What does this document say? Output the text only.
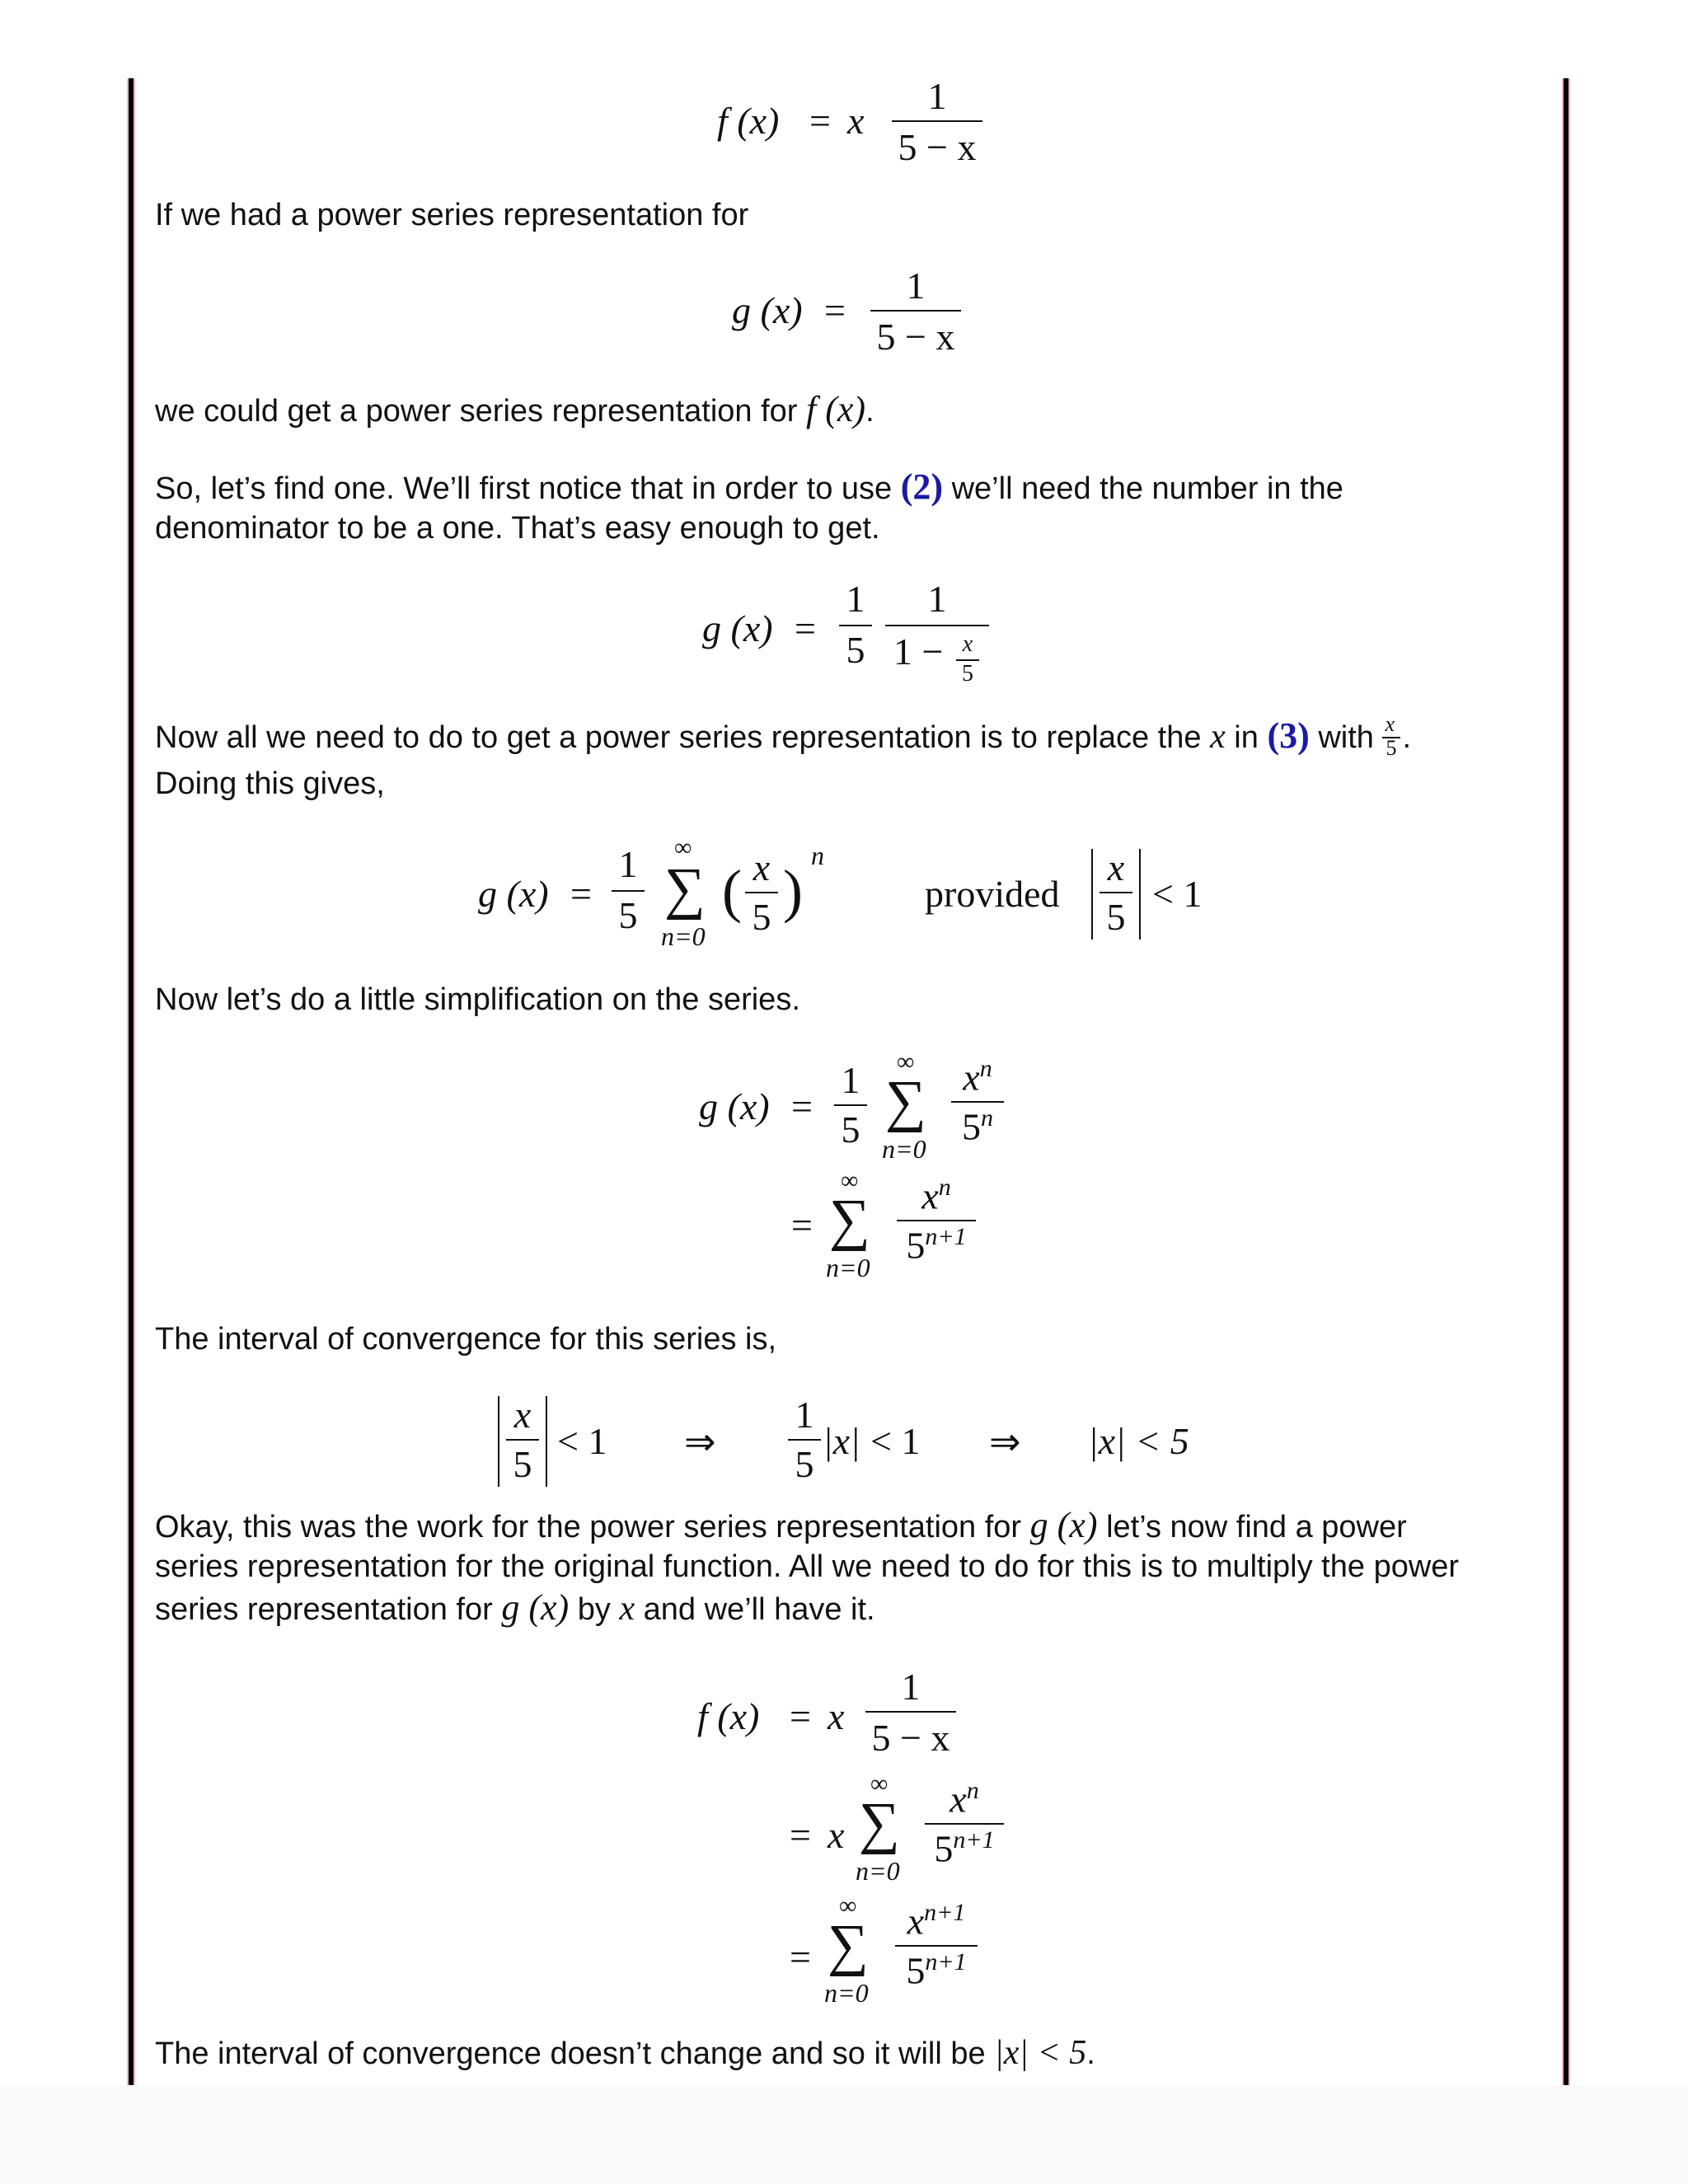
f (x) = x
1
5 − x
If we had a power series representation for
g (x) =
1
5 − x
we could get a power series representation for f (x).
So, let’s find one. We’ll first notice that in order to use (2) we’ll need the number in the
denominator to be a one. That’s easy enough to get.
g (x) =
1
5
1
1 − x
5
Now all we need to do to get a power series representation is to replace the x in (3) with $\frac{x}{5}$ .
Doing this gives,
g (x) =
1
5
∞
∑
n=0
( x
5 )
n
provided
x
5
< 1
Now let’s do a little simplification on the series.
g (x) =
1
5
∞
∑
n=0
$x^n$
$5^n$
=
∞
∑
n=0
$x^n$
$5^{n+1}$
The interval of convergence for this series is,
x
5
< 1 ⇒
1
5
|x| < 1 ⇒ |x| < 5
Okay, this was the work for the power series representation for g (x) let’s now find a power
series representation for the original function. All we need to do for this is to multiply the power
series representation for g (x) by x and we’ll have it.
f (x) = x
1
5 − x
= x
∞
∑
n=0
$x^n$
$5^{n+1}$
=
∞
∑
n=0
$x^{n+1}$
$5^{n+1}$
The interval of convergence doesn’t change and so it will be |x| < 5.
